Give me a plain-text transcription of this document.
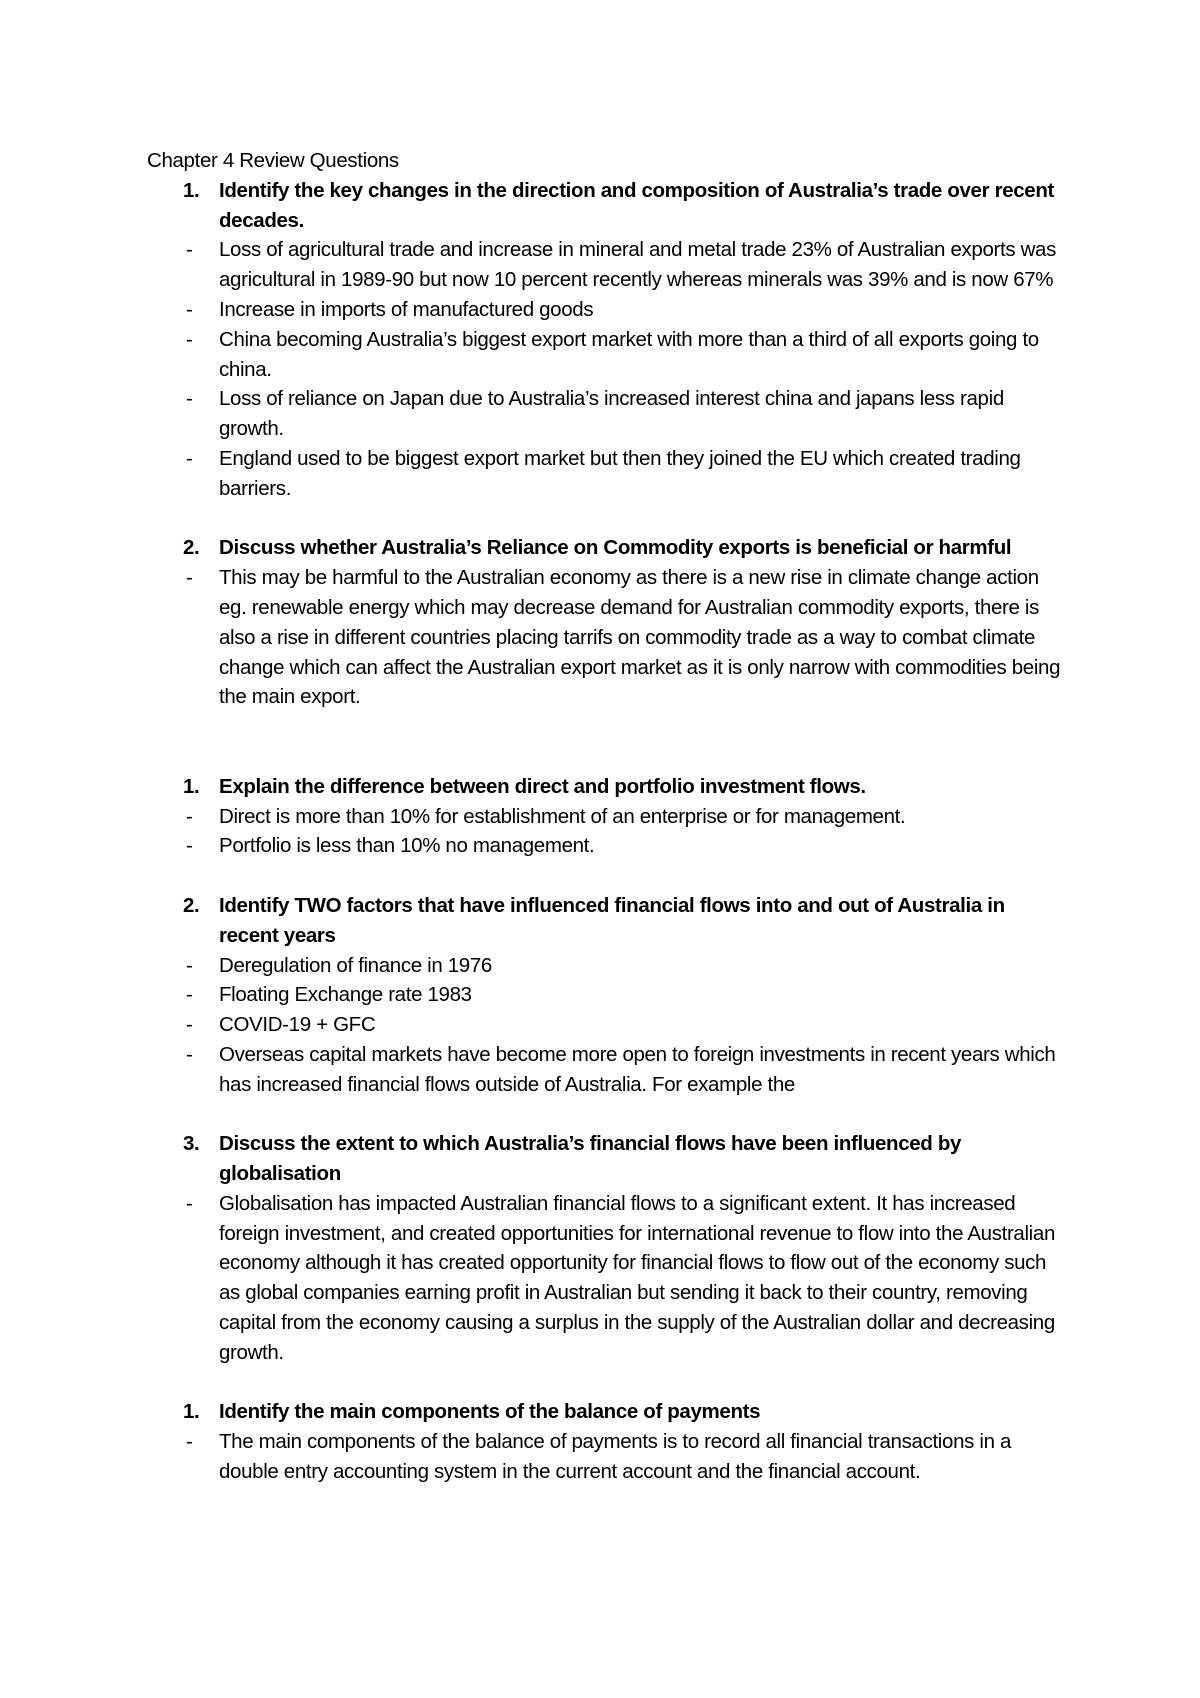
Chapter 4 Review Questions
1. Identify the key changes in the direction and composition of Australia’s trade over recent decades.
- Loss of agricultural trade and increase in mineral and metal trade 23% of Australian exports was agricultural in 1989-90 but now 10 percent recently whereas minerals was 39% and is now 67%
- Increase in imports of manufactured goods
- China becoming Australia’s biggest export market with more than a third of all exports going to china.
- Loss of reliance on Japan due to Australia’s increased interest china and japans less rapid growth.
- England used to be biggest export market but then they joined the EU which created trading barriers.
2. Discuss whether Australia’s Reliance on Commodity exports is beneficial or harmful
- This may be harmful to the Australian economy as there is a new rise in climate change action eg. renewable energy which may decrease demand for Australian commodity exports, there is also a rise in different countries placing tarrifs on commodity trade as a way to combat climate change which can affect the Australian export market as it is only narrow with commodities being the main export.
1. Explain the difference between direct and portfolio investment flows.
- Direct is more than 10% for establishment of an enterprise or for management.
- Portfolio is less than 10% no management.
2. Identify TWO factors that have influenced financial flows into and out of Australia in recent years
- Deregulation of finance in 1976
- Floating Exchange rate 1983
- COVID-19 + GFC
- Overseas capital markets have become more open to foreign investments in recent years which has increased financial flows outside of Australia. For example the
3. Discuss the extent to which Australia’s financial flows have been influenced by globalisation
- Globalisation has impacted Australian financial flows to a significant extent. It has increased foreign investment, and created opportunities for international revenue to flow into the Australian economy although it has created opportunity for financial flows to flow out of the economy such as global companies earning profit in Australian but sending it back to their country, removing capital from the economy causing a surplus in the supply of the Australian dollar and decreasing growth.
1. Identify the main components of the balance of payments
- The main components of the balance of payments is to record all financial transactions in a double entry accounting system in the current account and the financial account.
